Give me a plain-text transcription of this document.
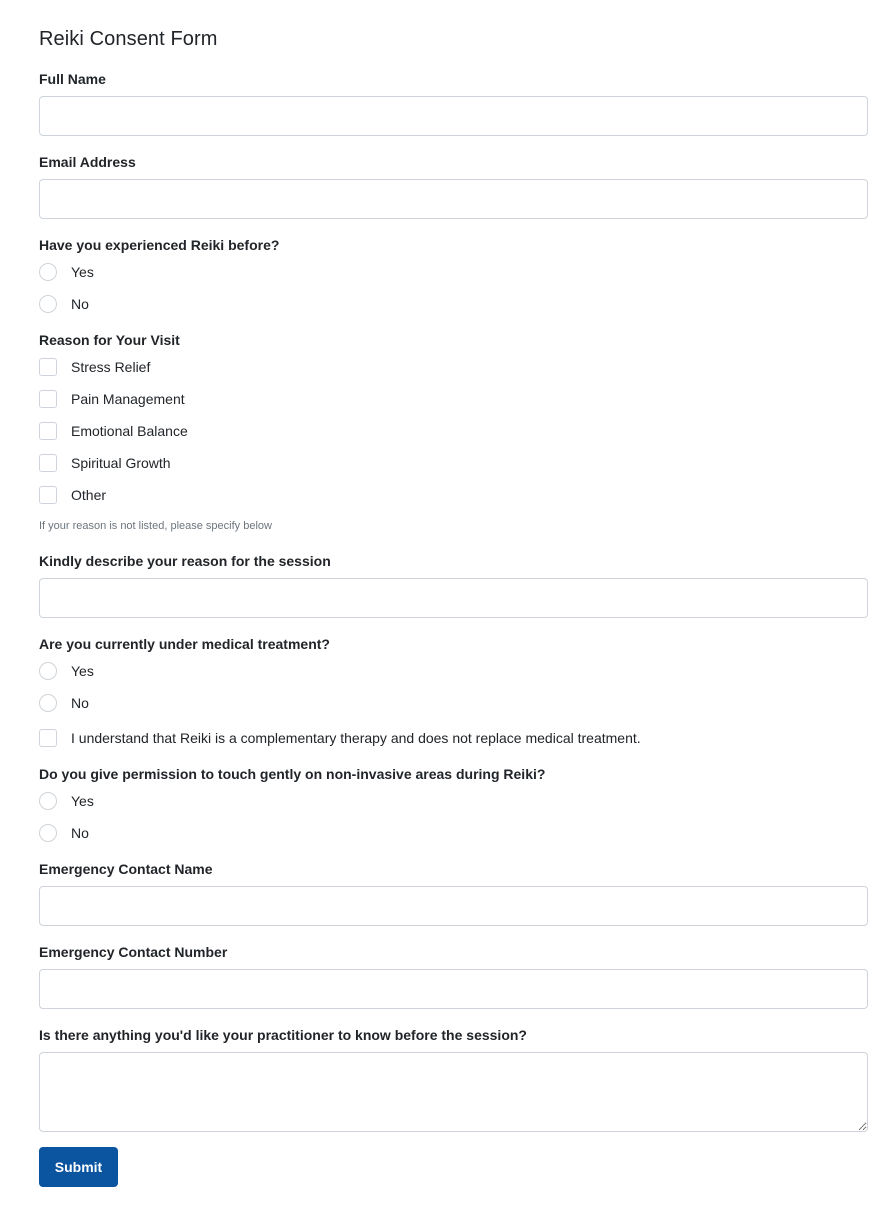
Reiki Consent Form
Full Name
Email Address
Have you experienced Reiki before?
Yes
No
Reason for Your Visit
Stress Relief
Pain Management
Emotional Balance
Spiritual Growth
Other
If your reason is not listed, please specify below
Kindly describe your reason for the session
Are you currently under medical treatment?
Yes
No
I understand that Reiki is a complementary therapy and does not replace medical treatment.
Do you give permission to touch gently on non-invasive areas during Reiki?
Yes
No
Emergency Contact Name
Emergency Contact Number
Is there anything you'd like your practitioner to know before the session?
Submit
